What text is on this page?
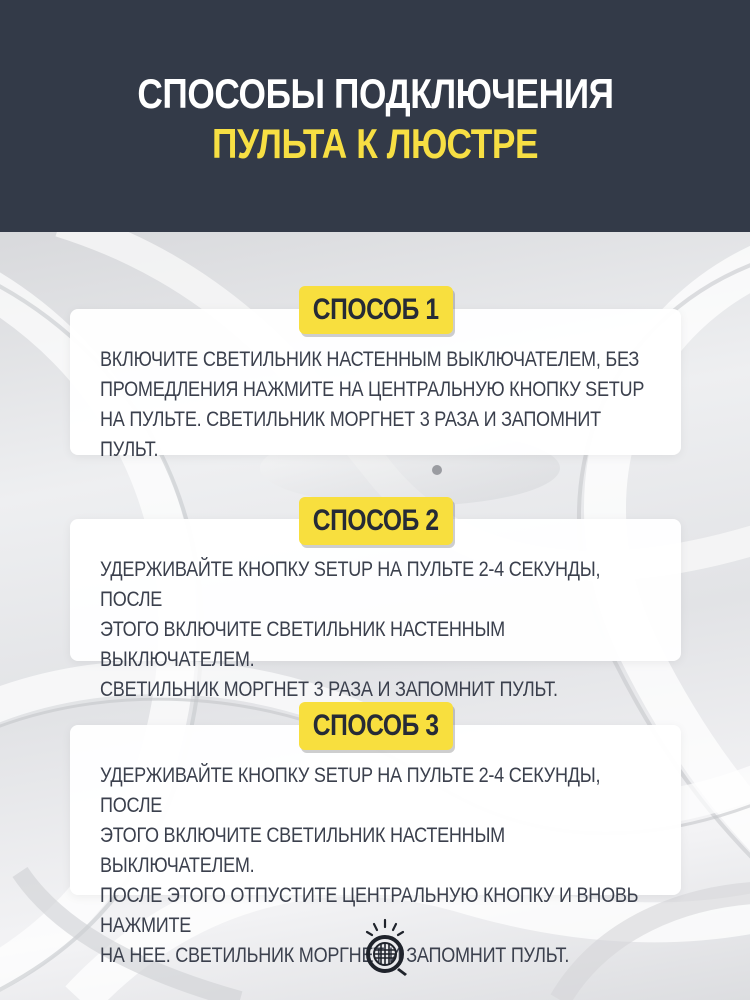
СПОСОБЫ ПОДКЛЮЧЕНИЯ
ПУЛЬТА К ЛЮСТРЕ
ВКЛЮЧИТЕ СВЕТИЛЬНИК НАСТЕННЫМ ВЫКЛЮЧАТЕЛЕМ, БЕЗ
ПРОМЕДЛЕНИЯ НАЖМИТЕ НА ЦЕНТРАЛЬНУЮ КНОПКУ SETUP
НА ПУЛЬТЕ. СВЕТИЛЬНИК МОРГНЕТ 3 РАЗА И ЗАПОМНИТ ПУЛЬТ.
СПОСОБ 1
УДЕРЖИВАЙТЕ КНОПКУ SETUP НА ПУЛЬТЕ 2-4 СЕКУНДЫ, ПОСЛЕ
ЭТОГО ВКЛЮЧИТЕ СВЕТИЛЬНИК НАСТЕННЫМ ВЫКЛЮЧАТЕЛЕМ.
СВЕТИЛЬНИК МОРГНЕТ 3 РАЗА И ЗАПОМНИТ ПУЛЬТ.
СПОСОБ 2
УДЕРЖИВАЙТЕ КНОПКУ SETUP НА ПУЛЬТЕ 2-4 СЕКУНДЫ, ПОСЛЕ
ЭТОГО ВКЛЮЧИТЕ СВЕТИЛЬНИК НАСТЕННЫМ ВЫКЛЮЧАТЕЛЕМ.
ПОСЛЕ ЭТОГО ОТПУСТИТЕ ЦЕНТРАЛЬНУЮ КНОПКУ И ВНОВЬ НАЖМИТЕ
НА НЕЕ. СВЕТИЛЬНИК МОРГНЕТ И ЗАПОМНИТ ПУЛЬТ.
СПОСОБ 3
